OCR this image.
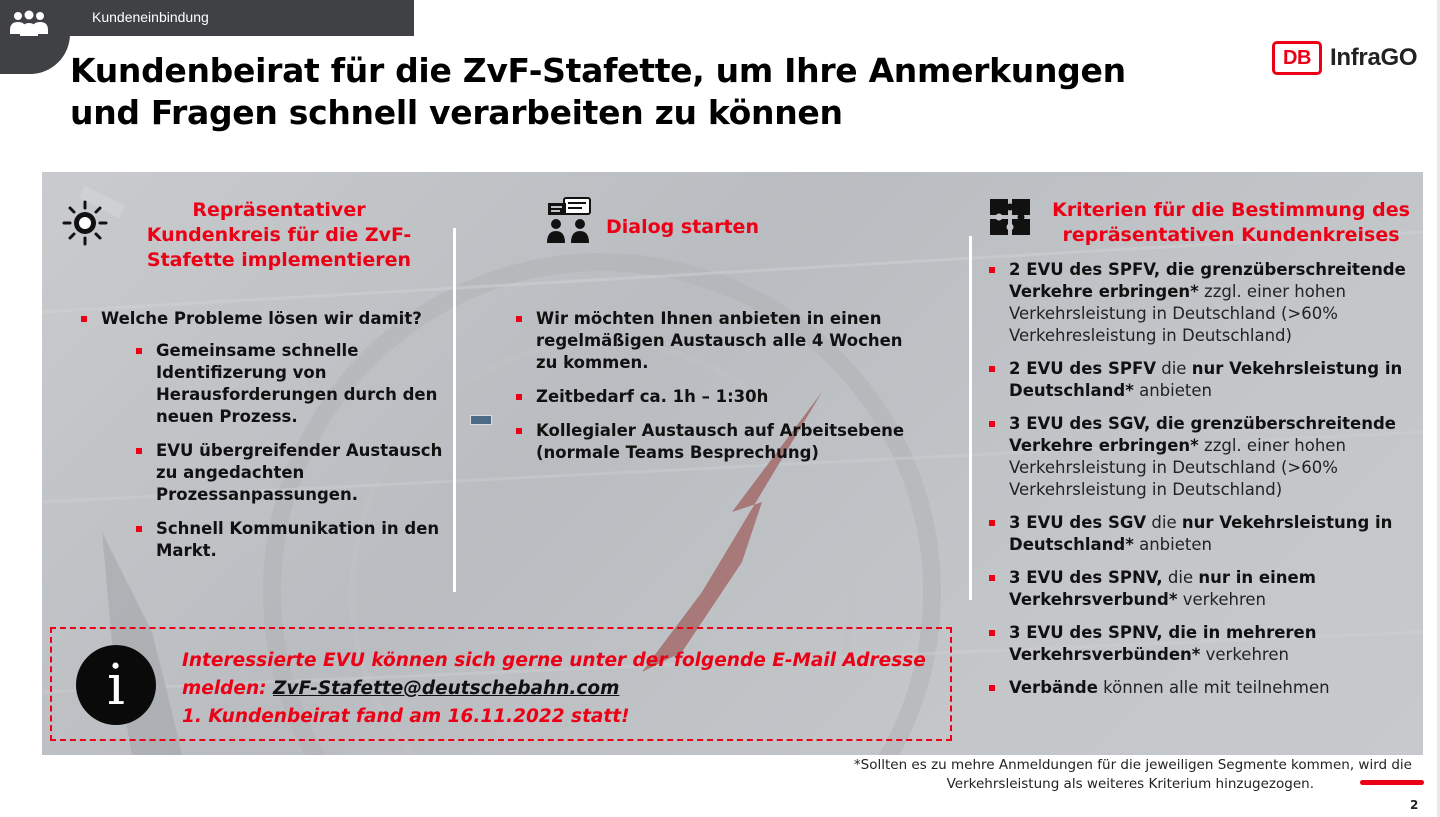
Kundeneinbindung
Kundenbeirat für die ZvF-Stafette, um Ihre Anmerkungen
und Fragen schnell verarbeiten zu können
DB InfraGO
Repräsentativer
Kundenkreis für die ZvF-
Stafette implementieren
Welche Probleme lösen wir damit?
Gemeinsame schnelle
Identifizerung von
Herausforderungen durch den
neuen Prozess.
EVU übergreifender Austausch
zu angedachten
Prozessanpassungen.
Schnell Kommunikation in den
Markt.
Dialog starten
Wir möchten Ihnen anbieten in einen
regelmäßigen Austausch alle 4 Wochen
zu kommen.
Zeitbedarf ca. 1h – 1:30h
Kollegialer Austausch auf Arbeitsebene
(normale Teams Besprechung)
Kriterien für die Bestimmung des
repräsentativen Kundenkreises
2 EVU des SPFV, die grenzüberschreitende
Verkehre erbringen* zzgl. einer hohen
Verkehrsleistung in Deutschland (>60%
Verkehresleistung in Deutschland)
2 EVU des SPFV die nur Vekehrsleistung in
Deutschland* anbieten
3 EVU des SGV, die grenzüberschreitende
Verkehre erbringen* zzgl. einer hohen
Verkehrsleistung in Deutschland (>60%
Verkehrsleistung in Deutschland)
3 EVU des SGV die nur Vekehrsleistung in
Deutschland* anbieten
3 EVU des SPNV, die nur in einem
Verkehrsverbund* verkehren
3 EVU des SPNV, die in mehreren
Verkehrsverbünden* verkehren
Verbände können alle mit teilnehmen
i	Interessierte EVU können sich gerne unter der folgende E-Mail Adresse
melden: ZvF-Stafette@deutschebahn.com
1. Kundenbeirat fand am 16.11.2022 statt!
*Sollten es zu mehre Anmeldungen für die jeweiligen Segmente kommen, wird die
Verkehrsleistung als weiteres Kriterium hinzugezogen.
2
